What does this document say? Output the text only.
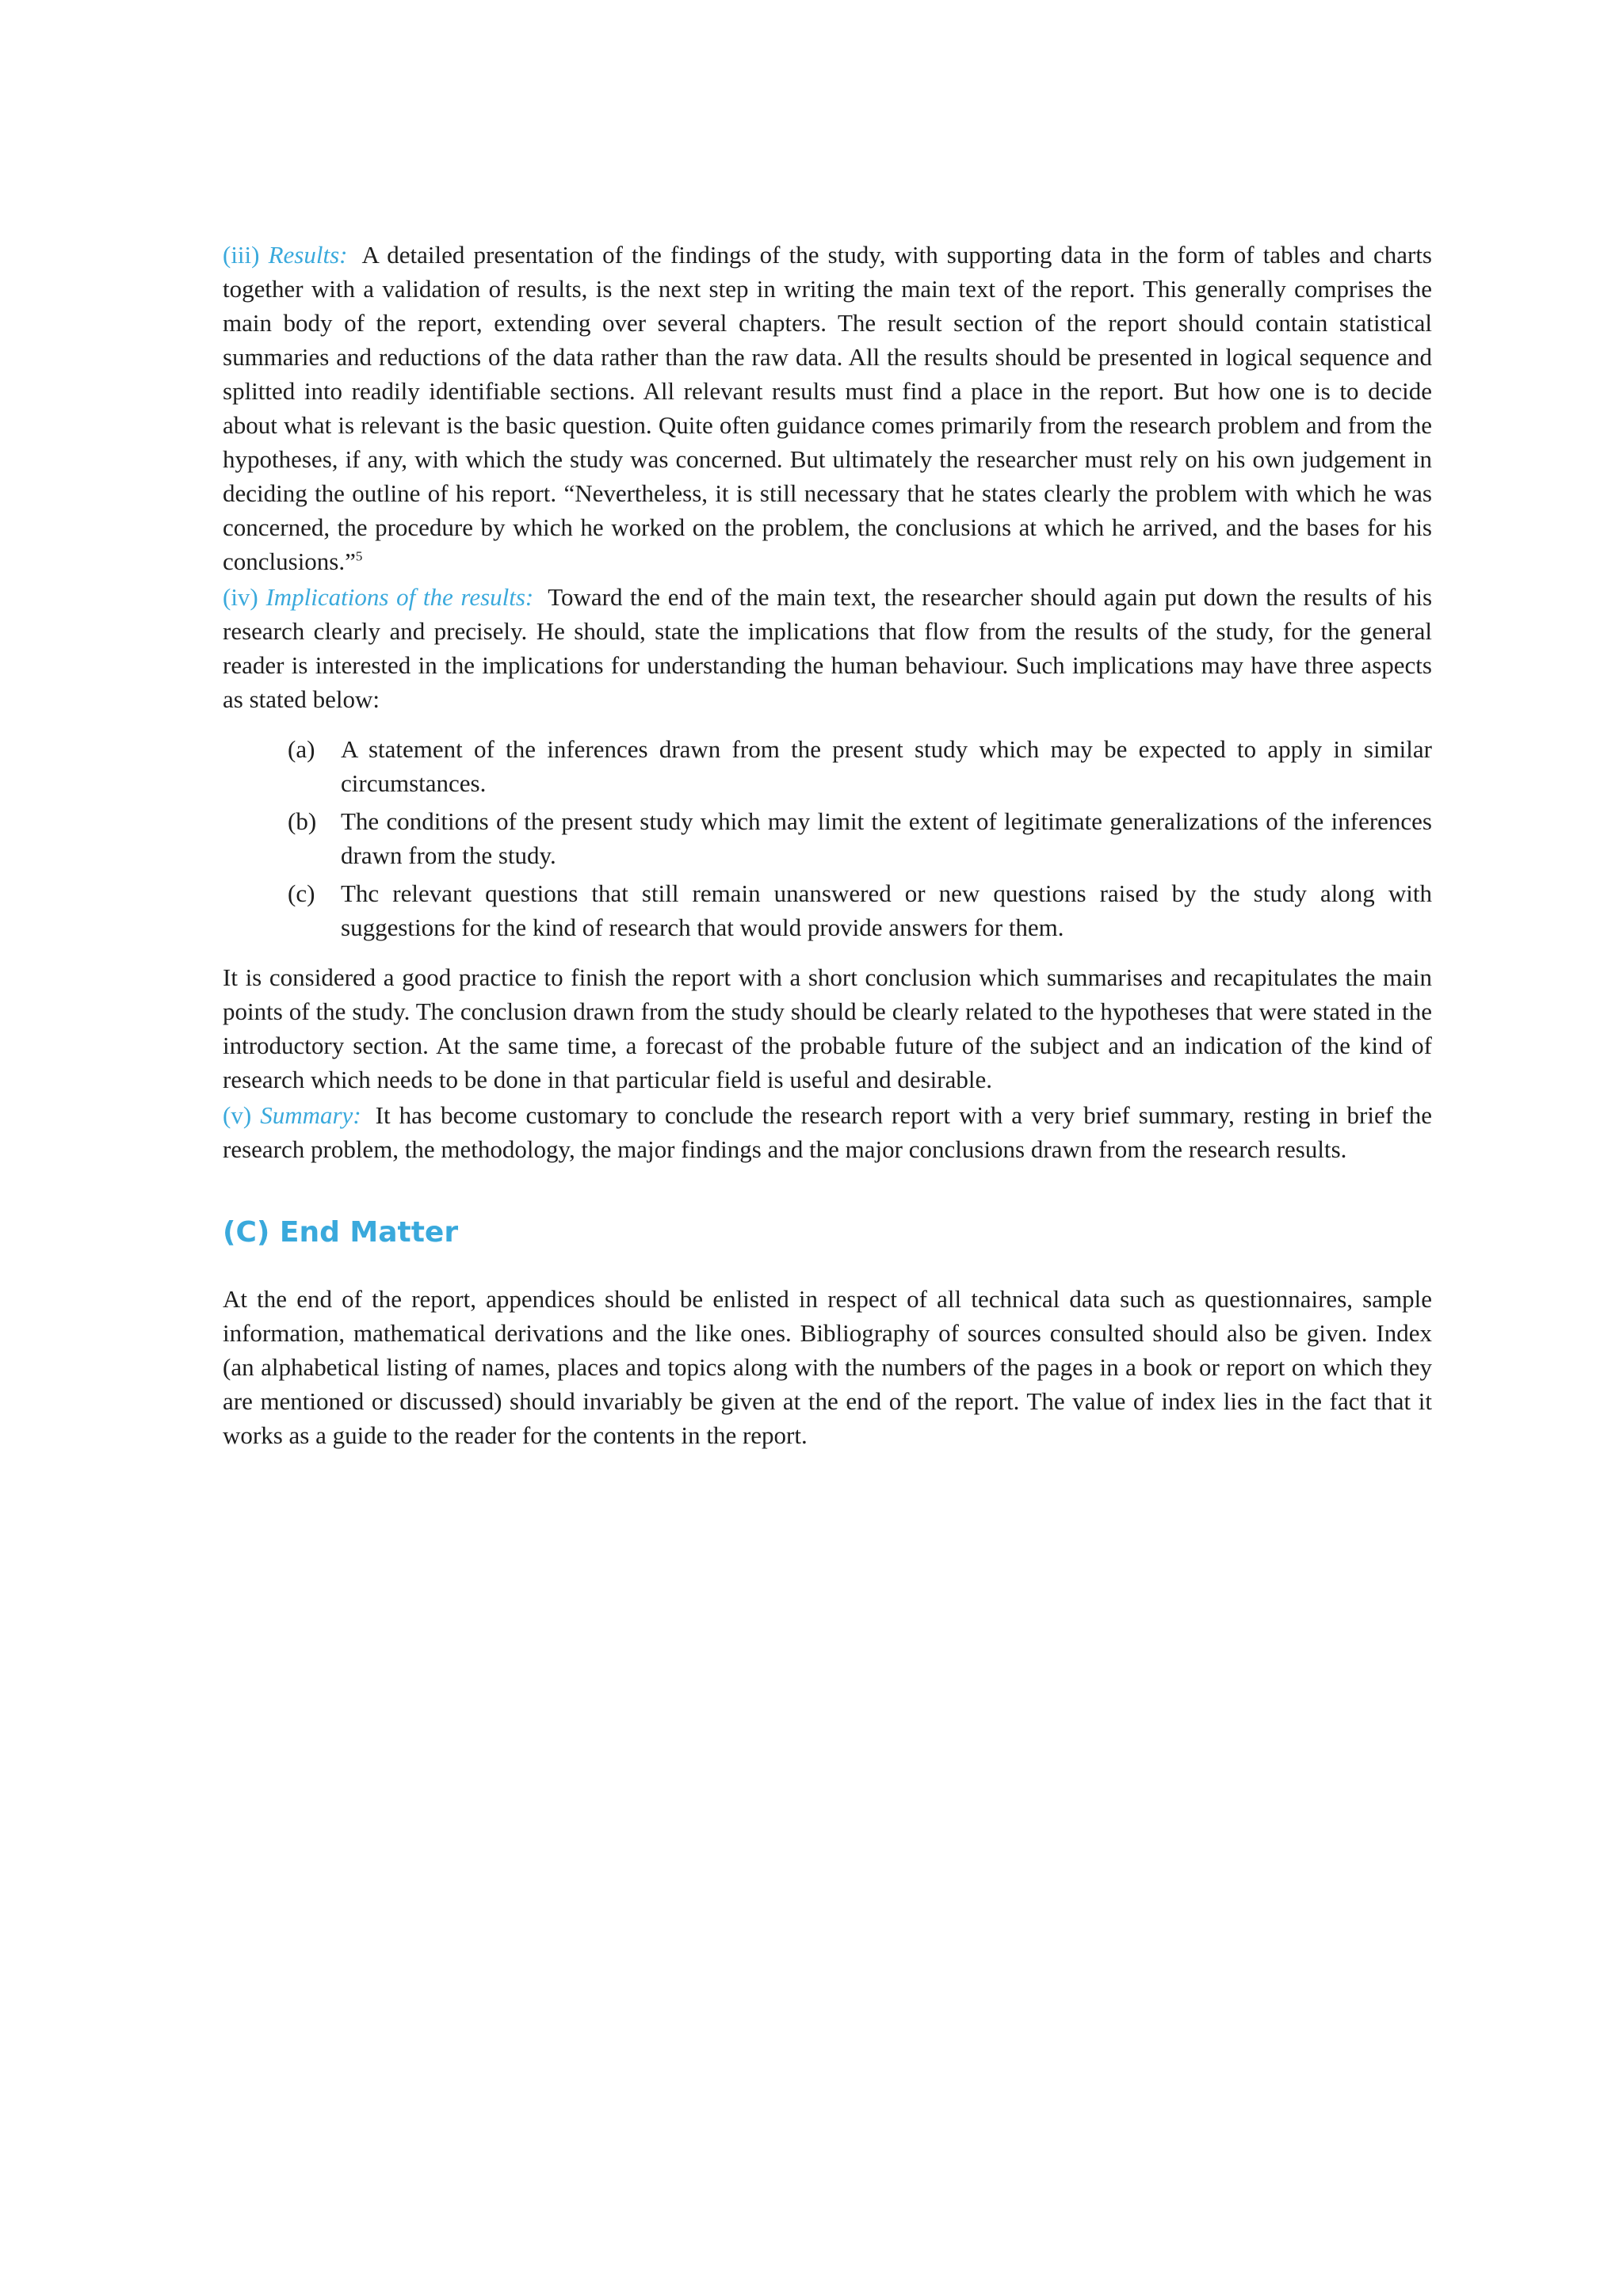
(iii) Results: A detailed presentation of the findings of the study, with supporting data in the form of tables and charts together with a validation of results, is the next step in writing the main text of the report. This generally comprises the main body of the report, extending over several chapters. The result section of the report should contain statistical summaries and reductions of the data rather than the raw data. All the results should be presented in logical sequence and splitted into readily identifiable sections. All relevant results must find a place in the report. But how one is to decide about what is relevant is the basic question. Quite often guidance comes primarily from the research problem and from the hypotheses, if any, with which the study was concerned. But ultimately the researcher must rely on his own judgement in deciding the outline of his report. “Nevertheless, it is still necessary that he states clearly the problem with which he was concerned, the procedure by which he worked on the problem, the conclusions at which he arrived, and the bases for his conclusions.”$^5$

(iv) Implications of the results: Toward the end of the main text, the researcher should again put down the results of his research clearly and precisely. He should, state the implications that flow from the results of the study, for the general reader is interested in the implications for understanding the human behaviour. Such implications may have three aspects as stated below:

(a)	A statement of the inferences drawn from the present study which may be expected to apply in similar circumstances.
(b) The conditions of the present study which may limit the extent of legitimate generalizations of the inferences drawn from the study.
(c)	Thc relevant questions that still remain unanswered or new questions raised by the study along with suggestions for the kind of research that would provide answers for them.

It is considered a good practice to finish the report with a short conclusion which summarises and recapitulates the main points of the study. The conclusion drawn from the study should be clearly related to the hypotheses that were stated in the introductory section. At the same time, a forecast of the probable future of the subject and an indication of the kind of research which needs to be done in that particular field is useful and desirable.

(v) Summary: It has become customary to conclude the research report with a very brief summary, resting in brief the research problem, the methodology, the major findings and the major conclusions drawn from the research results.

(C) End Matter

At the end of the report, appendices should be enlisted in respect of all technical data such as questionnaires, sample information, mathematical derivations and the like ones. Bibliography of sources consulted should also be given. Index (an alphabetical listing of names, places and topics along with the numbers of the pages in a book or report on which they are mentioned or discussed) should invariably be given at the end of the report. The value of index lies in the fact that it works as a guide to the reader for the contents in the report.
